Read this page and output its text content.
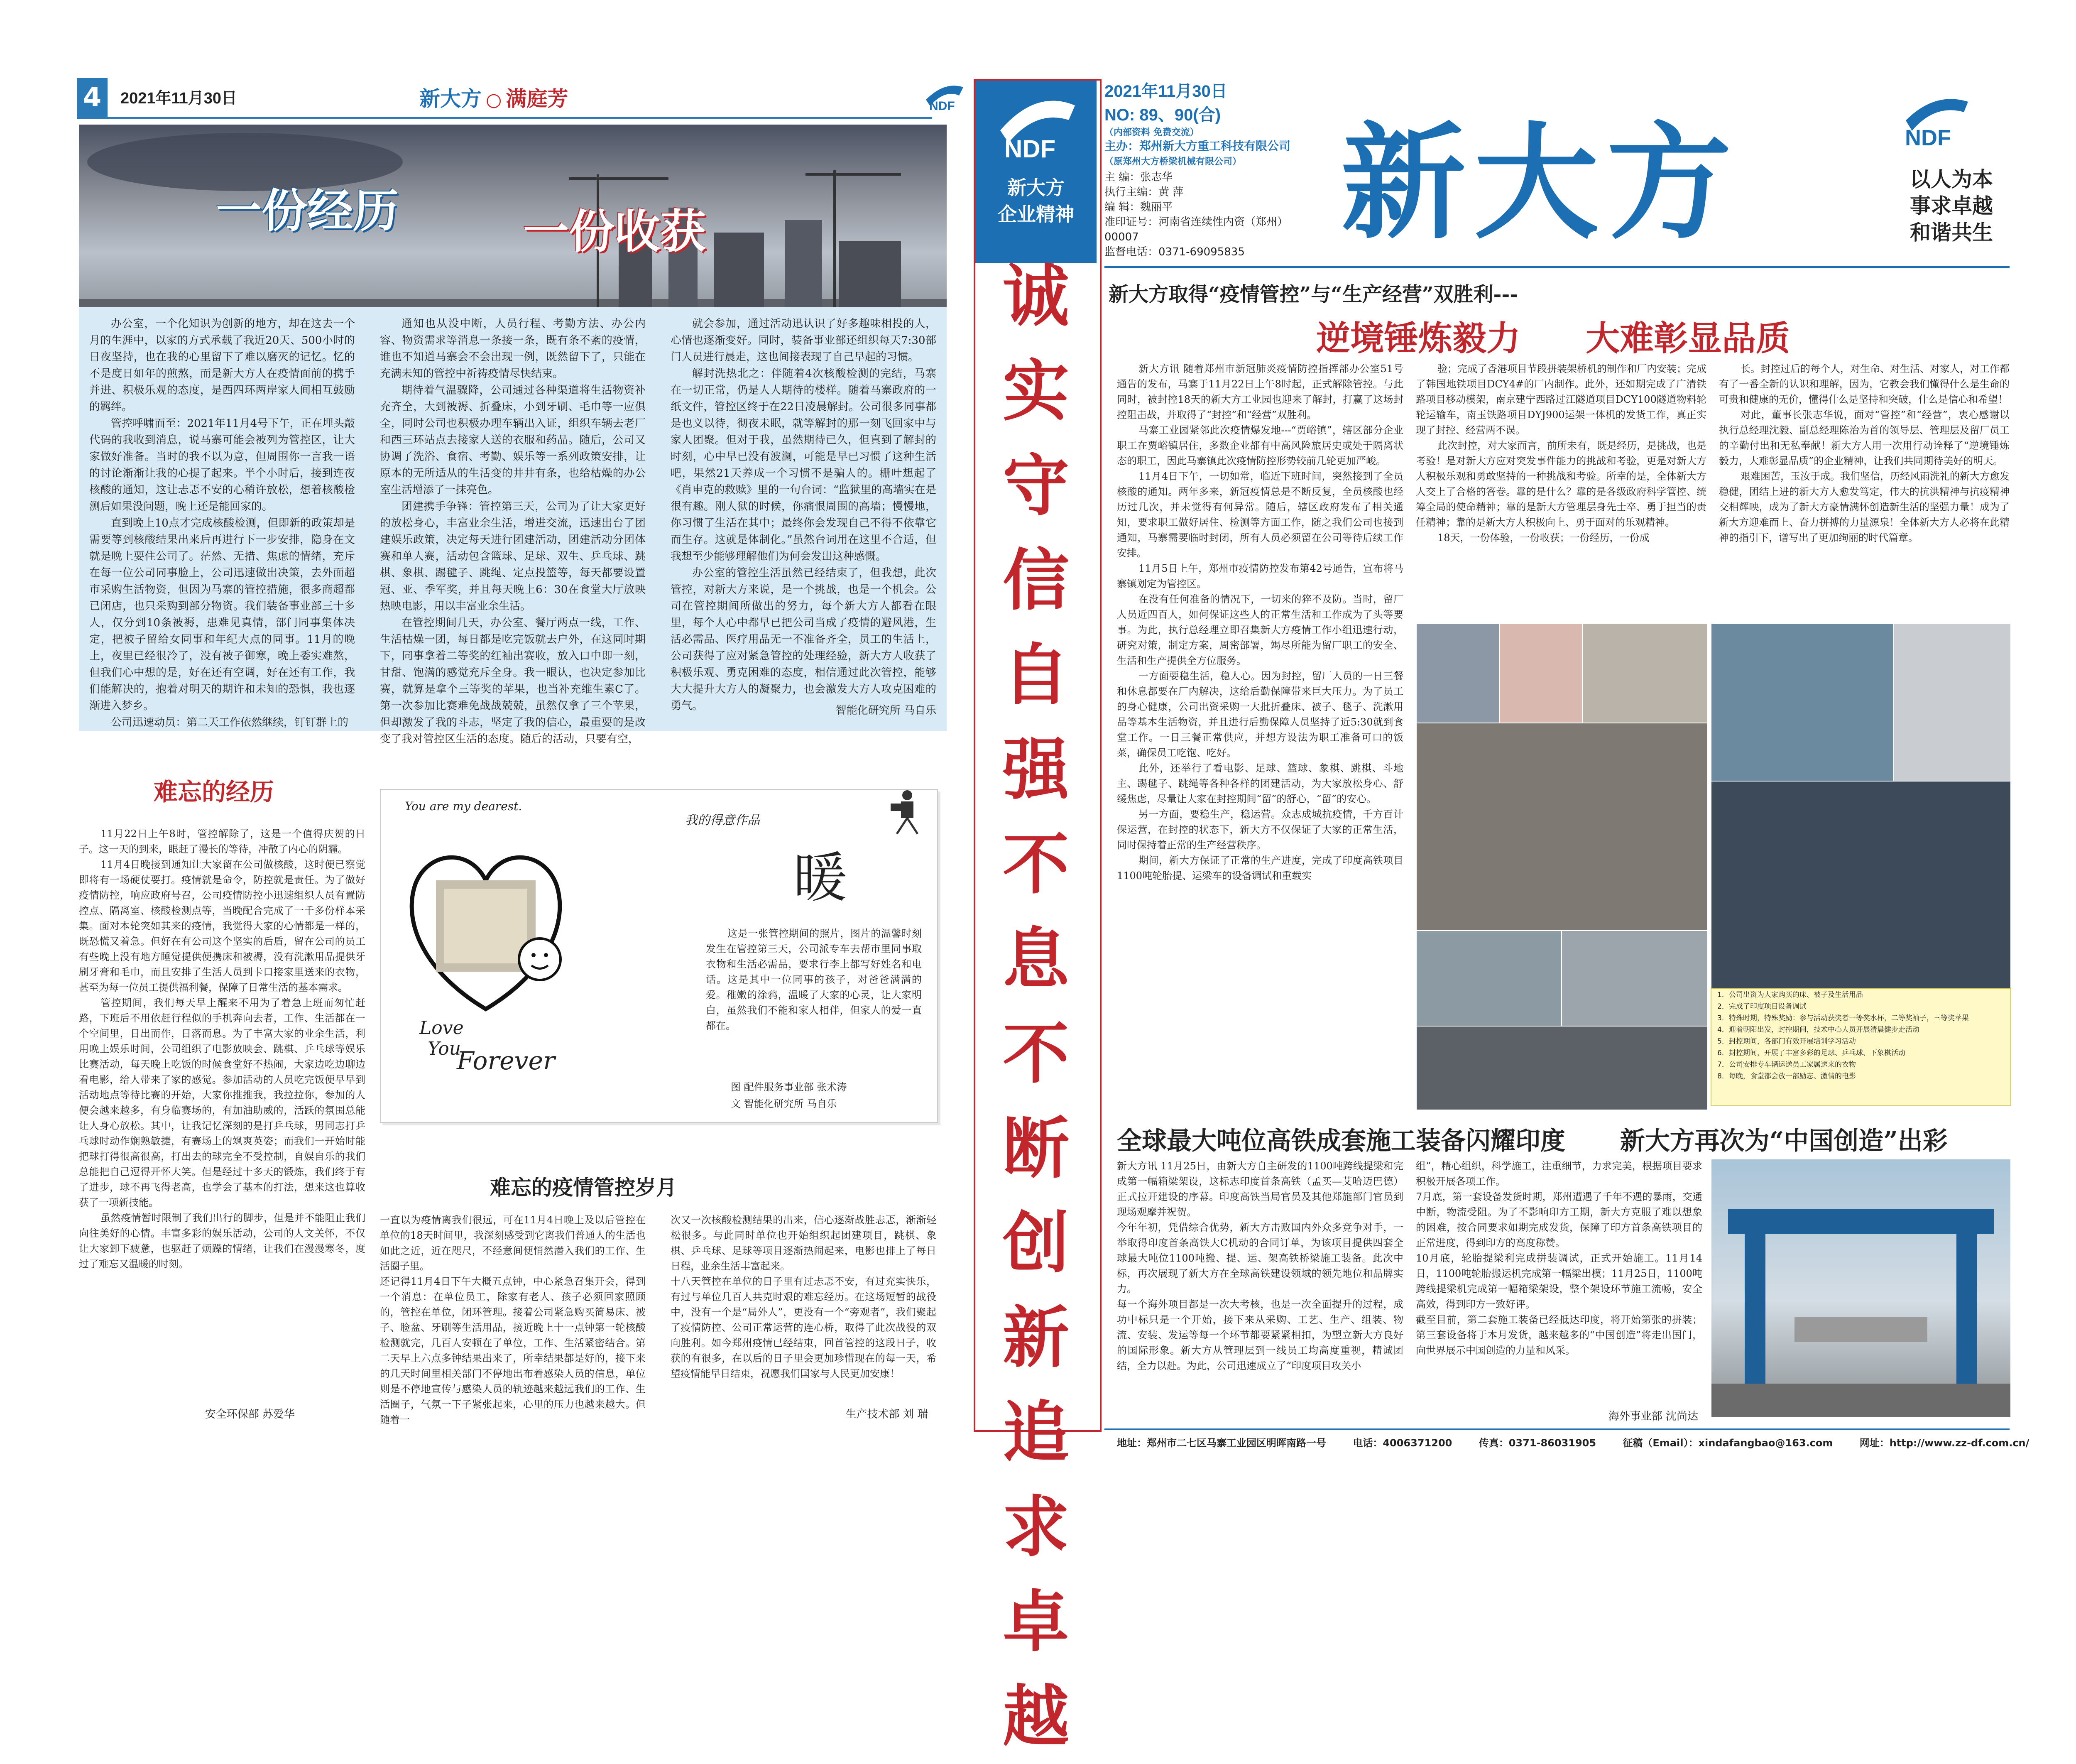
4	2021年11月30日	新大方 ○ 满庭芳	NDF
一份经历	一份收获

办公室，一个化知识为创新的地方，却在这去一个月的生涯中，以家的方式承载了我近20天、500小时的日夜坚持，也在我的心里留下了难以磨灭的记忆。忆的不是度日如年的煎熬，而是新大方人在疫情面前的携手并进、积极乐观的态度，是西四环两岸家人间相互鼓励的羁绊。

管控呼啸而至：2021年11月4号下午，正在埋头敲代码的我收到消息，说马寨可能会被列为管控区，让大家做好准备。当时的我不以为意，但周围你一言我一语的讨论渐渐让我的心提了起来。半个小时后，接到连夜核酸的通知，这让忐忑不安的心稍许放松，想着核酸检测后如果没问题，晚上还是能回家的。

直到晚上10点才完成核酸检测，但即新的政策却是需要等到核酸结果出来后再进行下一步安排，隐身在文就是晚上要住公司了。茫然、无措、焦虑的情绪，充斥在每一位公司同事脸上，公司迅速做出决策，去外面超市采购生活物资，但因为马寨的管控措施，很多商超都已闭店，也只采购到部分物资。我们装备事业部三十多人，仅分到10条被褥，患难见真情，部门同事集体决定，把被子留给女同事和年纪大点的同事。11月的晚上，夜里已经很冷了，没有被子御寒，晚上委实难熬，但我们心中想的是，好在还有空调，好在还有工作，我们能解决的，抱着对明天的期许和未知的恐惧，我也逐渐进入梦乡。

公司迅速动员：第二天工作依然继续，钉钉群上的

通知也从没中断，人员行程、考勤方法、办公内容、物资需求等消息一条接一条，既有条不紊的疫情，谁也不知道马寨会不会出现一例，既然留下了，只能在充满未知的管控中祈祷疫情尽快结束。

期待着气温骤降，公司通过各种渠道将生活物资补充齐全，大到被褥、折叠床，小到牙刷、毛巾等一应俱全，同时公司也积极办理车辆出入证，组织车辆去老厂和西三环站点去接家人送的衣服和药品。随后，公司又协调了洗浴、食宿、考勤、娱乐等一系列政策安排，让原本的无所适从的生活变的井井有条，也给枯燥的办公室生活增添了一抹亮色。

团建携手争锋：管控第三天，公司为了让大家更好的放松身心，丰富业余生活，增进交流，迅速出台了团建娱乐政策，决定每天进行团建活动，团建活动分团体赛和单人赛，活动包含篮球、足球、双生、乒乓球、跳棋、象棋、踢毽子、跳绳、定点投篮等，每天都要设置冠、亚、季军奖，并且每天晚上6：30在食堂大厅放映热映电影，用以丰富业余生活。

在管控期间几天，办公室、餐厅两点一线，工作、生活枯燥一团，每日都是吃完饭就去户外，在这同时期下，同事拿着二等奖的红袖出赛收，放入口中即一刻，甘甜、饱满的感觉充斥全身。我一眼认，也决定参加比赛，就算是拿个三等奖的苹果，也当补充维生素C了。第一次参加比赛难免战战兢兢，虽然仅拿了三个苹果，但却激发了我的斗志，坚定了我的信心，最重要的是改变了我对管控区生活的态度。随后的活动，只要有空，

就会参加，通过活动迅认识了好多趣味相投的人，心情也逐渐变好。同时，装备事业部还组织每天7:30部门人员进行晨走，这也间接表现了自己早起的习惯。

解封洗热北之：伴随着4次核酸检测的完结，马寨在一切正常，仍是人人期待的楼样。随着马寨政府的一纸文件，管控区终于在22日凌晨解封。公司很多同事都是也义以待，彻夜未眠，就等解封的那一刻飞回家中与家人团聚。但对于我，虽然期待已久，但真到了解封的时刻，心中早已没有波澜，可能是早已习惯了这种生活吧，果然21天养成一个习惯不是骗人的。栅叶想起了《肖申克的救赎》里的一句台词：“监狱里的高墙实在是很有趣。刚人狱的时候，你痛恨周围的高墙；慢慢地，你习惯了生活在其中；最终你会发现自己不得不依靠它而生存。这就是体制化。”虽然台词用在这里不合适，但我想至少能够理解他们为何会发出这种感慨。

办公室的管控生活虽然已经结束了，但我想，此次管控，对新大方来说，是一个挑战，也是一个机会。公司在管控期间所做出的努力，每个新大方人都看在眼里，每个人心中都早已把公司当成了疫情的避风港，生活必需品、医疗用品无一不准备齐全，员工的生活上，公司获得了应对紧急管控的处理经验，新大方人收获了积极乐观、勇克困难的态度，相信通过此次管控，能够大大提升大方人的凝聚力，也会激发大方人攻克困难的勇气。	智能化研究所 马自乐
难忘的经历

11月22日上午8时，管控解除了，这是一个值得庆贺的日子。这一天的到来，眼赶了漫长的等待，冲散了内心的阴霾。

11月4日晚接到通知让大家留在公司做核酸，这时便已察觉即将有一场硬仗要打。疫情就是命令，防控就是责任。为了做好疫情防控，响应政府号召，公司疫情防控小迅速组织人员有置防控点、隔离室、核酸检测点等，当晚配合完成了一千多份样本采集。面对本轮突如其来的疫情，我觉得大家的心情都是一样的，既恐慌又着急。但好在有公司这个坚实的后盾，留在公司的员工有些晚上没有地方睡觉提供便携床和被褥，没有洗漱用品提供牙刷牙膏和毛巾，而且安排了生活人员到卡口接家里送来的衣物，甚至为每一位员工提供福利餐，保障了日常生活的基本需求。

管控期间，我们每天早上醒来不用为了着急上班而匆忙赶路，下班后不用依赶行程似的手机奔向去者，工作、生活都在一个空间里，日出而作，日落而息。为了丰富大家的业余生活，利用晚上娱乐时间，公司组织了电影放映会、跳棋、乒乓球等娱乐比赛活动，每天晚上吃饭的时候食堂好不热闹，大家边吃边聊边看电影，给人带来了家的感觉。参加活动的人员吃完饭便早早到活动地点等待比赛的开始，大家你推推我，我拉拉你，参加的人便会越来越多，有身临赛场的，有加油助威的，活跃的氛围总能让人身心放松。其中，让我记忆深刻的是打乒乓球，男同志打乒乓球时动作娴熟敏捷，有赛场上的飒爽英姿；而我们一开始时能把球打得很高很高，打出去的球完全不受控制，自娱自乐的我们总能把自己逗得开怀大笑。但是经过十多天的锻炼，我们终于有了进步，球不再飞得老高，也学会了基本的打法，想来这也算收获了一项新技能。

虽然疫情暂时限制了我们出行的脚步，但是并不能阻止我们向往美好的心情。丰富多彩的娱乐活动，公司的人文关怀，不仅让大家卸下疲惫，也驱赶了烦躁的情绪，让我们在漫漫寒冬，度过了难忘又温暖的时刻。

安全环保部 苏爱华
You are my dearest.
Love
You
Forever
我的得意作品
暖

这是一张管控期间的照片，图片的温馨时刻发生在管控第三天，公司派专车去帮市里同事取衣物和生活必需品，要求行李上都写好姓名和电话。这是其中一位同事的孩子，对爸爸满满的爱。稚嫩的涂鸦，温暖了大家的心灵，让大家明白，虽然我们不能和家人相伴，但家人的爱一直都在。

图 配件服务事业部 张术涛
文 智能化研究所 马自乐
难忘的疫情管控岁月
一直以为疫情离我们很远，可在11月4日晚上及以后管控在单位的18天时间里，我深刻感受到它离我们普通人的生活也如此之近，近在咫尺，不经意间便悄然潜入我们的工作、生活圈子里。
还记得11月4日下午大概五点钟，中心紧急召集开会，得到一个消息：在单位员工，除家有老人、孩子必须回家照顾的，管控在单位，闭环管理。接着公司紧急购买简易床、被子、脸盆、牙刷等生活用品，接近晚上十一点钟第一轮核酸检测就完，几百人安顿在了单位，工作、生活紧密结合。第二天早上六点多钟结果出来了，所幸结果都是好的，接下来的几天时间里相关部门不停地出布着感染人员的信息，单位则是不停地宣传与感染人员的轨迹越来越远我们的工作、生活圈子，气氛一下子紧张起来，心里的压力也越来越大。但随着一
次又一次核酸检测结果的出来，信心逐渐战胜忐忑，渐渐轻松很多。与此同时单位也开始组织起团建项目，跳棋、象棋、乒乓球、足球等项目逐渐热闹起来，电影也排上了每日日程，业余生活丰富起来。
十八天管控在单位的日子里有过忐忑不安，有过充实快乐，有过与单位几百人共克时艰的难忘经历。在这场短暂的战役中，没有一个是“局外人”，更没有一个“旁观者”，我们聚起了疫情防控、公司正常运营的连心桥，取得了此次战役的双向胜利。如今郑州疫情已经结束，回首管控的这段日子，收获的有很多，在以后的日子里会更加珍惜现在的每一天，希望疫情能早日结束，祝愿我们国家与人民更加安康！
生产技术部 刘 瑞
NDF
新大方
企业精神
诚
实
守
信
自
强
不
息
不
断
创
新
追
求
卓
越
2021年11月30日
NO: 89、90(合)
（内部资料 免费交流）
主办：郑州新大方重工科技有限公司
（原郑州大方桥梁机械有限公司）
主 编：张志华
执行主编：黄 萍
编 辑：魏丽平
准印证号：河南省连续性内资（郑州）00007
监督电话：0371-69095835 新大方	NDF
以人为本
事求卓越
和谐共生
新大方取得“疫情管控”与“生产经营”双胜利---
逆境锤炼毅力 大难彰显品质

新大方讯 随着郑州市新冠肺炎疫情防控指挥部办公室51号通告的发布，马寨于11月22日上午8时起，正式解除管控。与此同时，被封控18天的新大方工业园也迎来了解封，打赢了这场封控阻击战，并取得了“封控”和“经营”双胜利。

马寨工业园紧邻此次疫情爆发地---“贾峪镇”，辖区部分企业职工在贾峪镇居住，多数企业都有中高风险旅居史或处于隔离状态的职工，因此马寨镇此次疫情防控形势较前几轮更加严峻。

11月4日下午，一切如常，临近下班时间，突然接到了全员核酸的通知。两年多来，新冠疫情总是不断反复，全员核酸也经历过几次，并未觉得有何异常。随后，辖区政府发布了相关通知，要求职工做好居住、检测等方面工作，随之我们公司也接到通知，马寨需要临时封闭，所有人员必须留在公司等待后续工作安排。

11月5日上午，郑州市疫情防控发布第42号通告，宣布将马寨镇划定为管控区。

在没有任何准备的情况下，一切来的猝不及防。当时，留厂人员近四百人，如何保证这些人的正常生活和工作成为了头等要事。为此，执行总经理立即召集新大方疫情工作小组迅速行动，研究对策，制定方案，周密部署，竭尽所能为留厂职工的安全、生活和生产提供全方位服务。

一方面要稳生活，稳人心。因为封控，留厂人员的一日三餐和休息都要在厂内解决，这给后勤保障带来巨大压力。为了员工的身心健康，公司出资采购一大批折叠床、被子、毯子、洗漱用品等基本生活物资，并且进行后勤保障人员坚持了近5:30就到食堂工作。一日三餐正常供应，并想方设法为职工准备可口的饭菜，确保员工吃饱、吃好。

此外，还举行了看电影、足球、篮球、象棋、跳棋、斗地主、踢毽子、跳绳等各种各样的团建活动，为大家放松身心、舒缓焦虑，尽量让大家在封控期间“留”的舒心，“留”的安心。

另一方面，要稳生产，稳运营。众志成城抗疫情，千方百计保运营，在封控的状态下，新大方不仅保证了大家的正常生活，同时保持着正常的生产经营秩序。

期间，新大方保证了正常的生产进度，完成了印度高铁项目1100吨轮胎提、运梁车的设备调试和重载实

验；完成了香港项目节段拼装架桥机的制作和厂内安装；完成了韩国地铁项目DCY4#的厂内制作。此外，还如期完成了广清铁路项目移动模架，南京建宁西路过江隧道项目DCY100隧道物料轮轮运输车，南玉铁路项目DYJ900运架一体机的发货工作，真正实现了封控、经营两不误。

此次封控，对大家而言，前所未有，既是经历，是挑战，也是考验！是对新大方应对突发事件能力的挑战和考验，更是对新大方人积极乐观和勇敢坚持的一种挑战和考验。所幸的是，全体新大方人交上了合格的答卷。靠的是什么？靠的是各级政府科学管控、统筹全局的使命精神；靠的是新大方管理层身先士卒、勇于担当的责任精神；靠的是新大方人积极向上、勇于面对的乐观精神。

18天，一份体验，一份收获；一份经历，一份成

长。封控过后的每个人，对生命、对生活、对家人，对工作都有了一番全新的认识和理解，因为，它教会我们懂得什么是生命的可贵和健康的无价，懂得什么是坚持和突破，什么是信心和希望！

对此，董事长张志华说，面对“管控”和“经营”，衷心感谢以执行总经理沈毅、副总经理陈治为首的领导层、管理层及留厂员工的辛勤付出和无私奉献！新大方人用一次用行动诠释了“逆境锤炼毅力，大难彰显品质”的企业精神，让我们共同期待美好的明天。

艰难困苦，玉汝于成。我们坚信，历经风雨洗礼的新大方愈发稳健，团结上进的新大方人愈发笃定，伟大的抗洪精神与抗疫精神交相辉映，成为了新大方豪情满怀创造新生活的坚强力量！成为了新大方迎难而上、奋力拼搏的力量源泉！全体新大方人必将在此精神的指引下，谱写出了更加绚丽的时代篇章。

1．公司出资为大家购买的床、被子及生活用品
2．完成了印度项目设备调试
3．特殊时期，特殊奖励：参与活动获奖者一等奖水杯，二等奖袖子，三等奖苹果
4．迎着朝阳出发，封控期间，技术中心人员开展清晨健步走活动
5．封控期间，各部门有效开展培训学习活动
6．封控期间，开展了丰富多彩的足球、乒乓球、下象棋活动
7．公司安排专车辆运送员工家属送来的衣物
8．每晚，食堂都会放一部励志、激情的电影
全球最大吨位高铁成套施工装备闪耀印度 新大方再次为“中国创造”出彩
新大方讯 11月25日，由新大方自主研发的1100吨跨线提梁和完成第一幅箱梁架设，这标志印度首条高铁（孟买—艾哈迈巴德）正式拉开建设的序幕。印度高铁当局官员及其他郑施部门官员到现场观摩并祝贺。
今年年初，凭借综合优势，新大方击败国内外众多竞争对手，一举取得印度首条高铁大C机动的合同订单，为该项目提供四套全球最大吨位1100吨搬、提、运、架高铁桥梁施工装备。此次中标，再次展现了新大方在全球高铁建设领域的领先地位和品牌实力。
每一个海外项目都是一次大考核，也是一次全面提升的过程，成功中标只是一个开始，接下来从采购、工艺、生产、组装、物流、安装、发运等每一个环节都要紧紧相扣，为塑立新大方良好的国际形象。新大方从管理层到一线员工均高度重视，精诚团结，全力以赴。为此，公司迅速成立了“印度项目攻关小
组”，精心组织，科学施工，注重细节，力求完美，根据项目要求积极开展各项工作。
7月底，第一套设备发货时期，郑州遭遇了千年不遇的暴雨，交通中断，物流受阻。为了不影响印方工期，新大方克服了难以想象的困难，按合同要求如期完成发货，保障了印方首条高铁项目的正常进度，得到印方的高度称赞。
10月底，轮胎提梁利完成拼装调试，正式开始施工。11月14日，1100吨轮胎搬运机完成第一幅梁出模；11月25日，1100吨跨线提梁机完成第一幅箱梁架设，整个架设环节施工流畅，安全高效，得到印方一致好评。
截至目前，第二套施工装备已经抵达印度，将开始第张的拼装；第三套设备将于本月发货，越来越多的“中国创造”将走出国门，向世界展示中国创造的力量和风采。
海外事业部 沈尚达
地址：郑州市二七区马寨工业园区明晖南路一号	电话：4006371200	传真：0371-86031905	征稿（Email）：xindafangbao@163.com	网址：http://www.zz-df.com.cn/
